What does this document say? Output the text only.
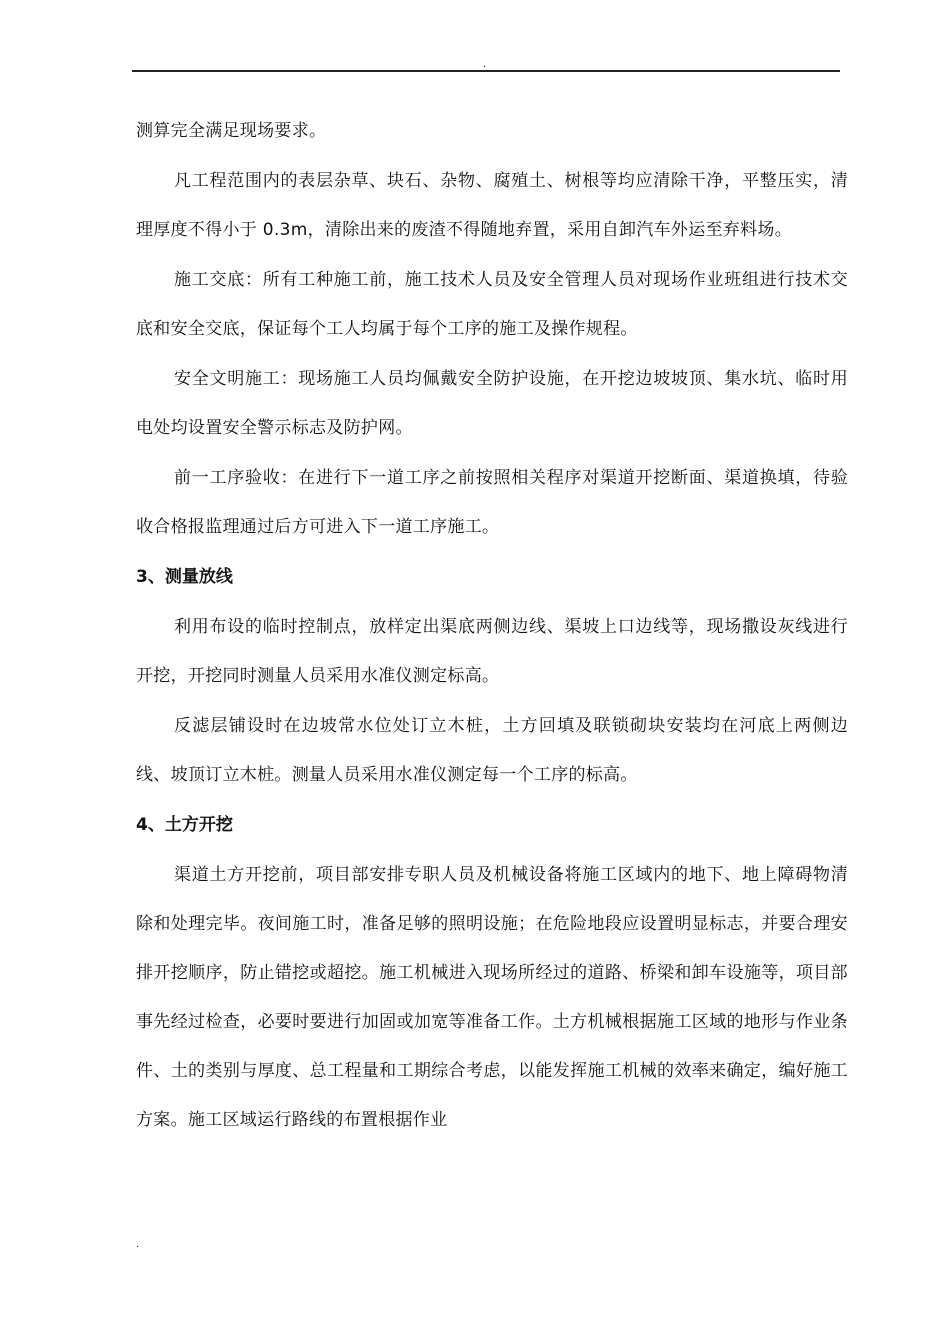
.

测算完全满足现场要求。

凡工程范围内的表层杂草、块石、杂物、腐殖土、树根等均应清除干净，平整压实，清理厚度不得小于 0.3m，清除出来的废渣不得随地弃置，采用自卸汽车外运至弃料场。

施工交底：所有工种施工前，施工技术人员及安全管理人员对现场作业班组进行技术交底和安全交底，保证每个工人均属于每个工序的施工及操作规程。

安全文明施工：现场施工人员均佩戴安全防护设施，在开挖边坡坡顶、集水坑、临时用电处均设置安全警示标志及防护网。

前一工序验收：在进行下一道工序之前按照相关程序对渠道开挖断面、渠道换填，待验收合格报监理通过后方可进入下一道工序施工。

3、测量放线

利用布设的临时控制点，放样定出渠底两侧边线、渠坡上口边线等，现场撒设灰线进行开挖，开挖同时测量人员采用水准仪测定标高。

反滤层铺设时在边坡常水位处订立木桩，土方回填及联锁砌块安装均在河底上两侧边线、坡顶订立木桩。测量人员采用水准仪测定每一个工序的标高。

4、土方开挖

渠道土方开挖前，项目部安排专职人员及机械设备将施工区域内的地下、地上障碍物清除和处理完毕。夜间施工时，准备足够的照明设施；在危险地段应设置明显标志，并要合理安排开挖顺序，防止错挖或超挖。施工机械进入现场所经过的道路、桥梁和卸车设施等，项目部事先经过检查，必要时要进行加固或加宽等准备工作。土方机械根据施工区域的地形与作业条件、土的类别与厚度、总工程量和工期综合考虑，以能发挥施工机械的效率来确定，编好施工方案。施工区域运行路线的布置根据作业

.
